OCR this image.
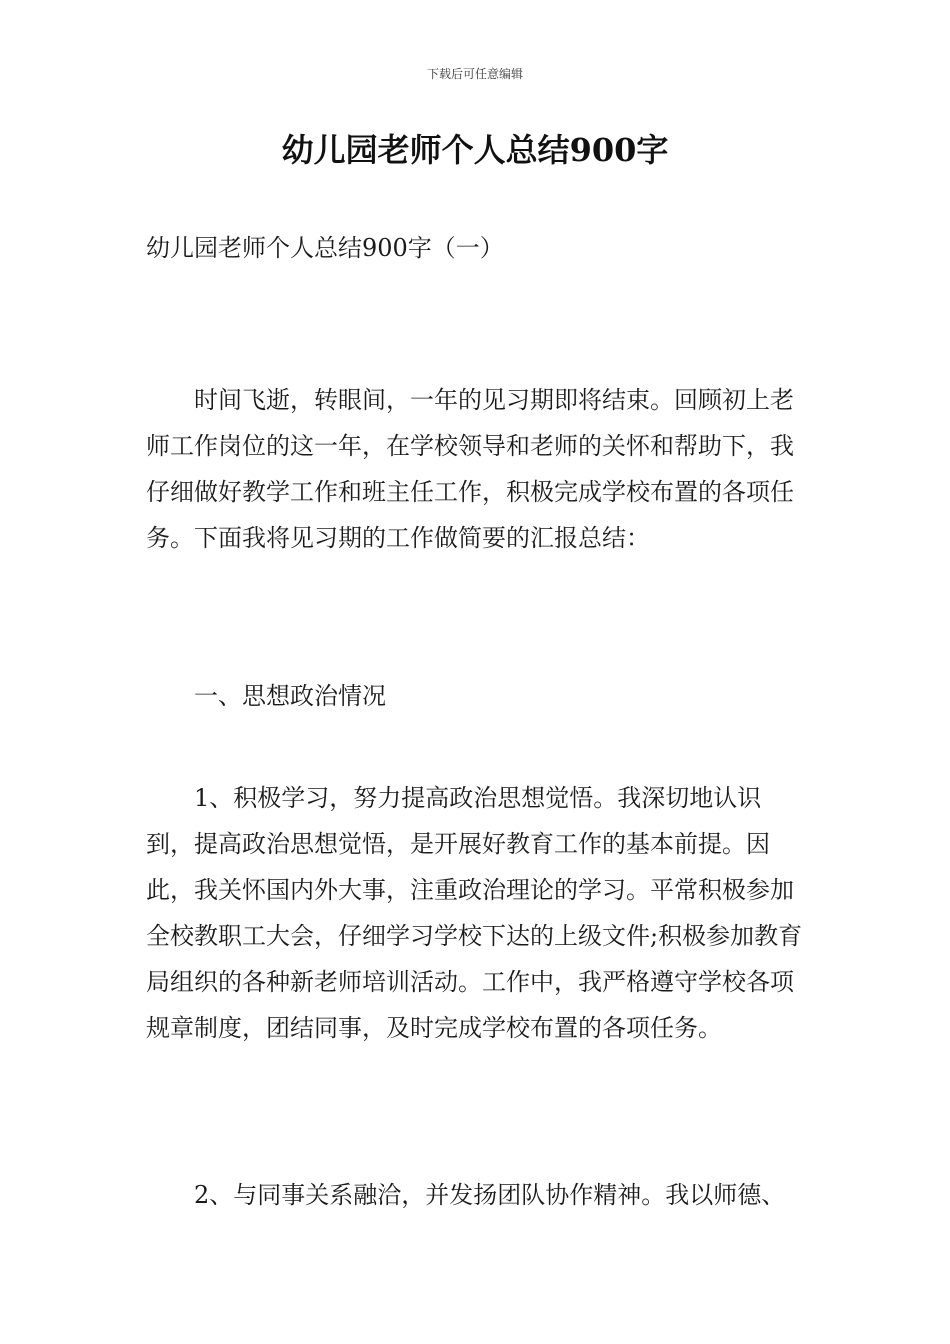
下载后可任意编辑
幼儿园老师个人总结900字

幼儿园老师个人总结900字（一）

时间飞逝，转眼间，一年的见习期即将结束。回顾初上老师工作岗位的这一年，在学校领导和老师的关怀和帮助下，我仔细做好教学工作和班主任工作，积极完成学校布置的各项任务。下面我将见习期的工作做简要的汇报总结：

一、思想政治情况

1、积极学习，努力提高政治思想觉悟。我深切地认识到，提高政治思想觉悟，是开展好教育工作的基本前提。因此，我关怀国内外大事，注重政治理论的学习。平常积极参加全校教职工大会，仔细学习学校下达的上级文件;积极参加教育局组织的各种新老师培训活动。工作中，我严格遵守学校各项规章制度，团结同事，及时完成学校布置的各项任务。

2、与同事关系融洽，并发扬团队协作精神。我以师德、
